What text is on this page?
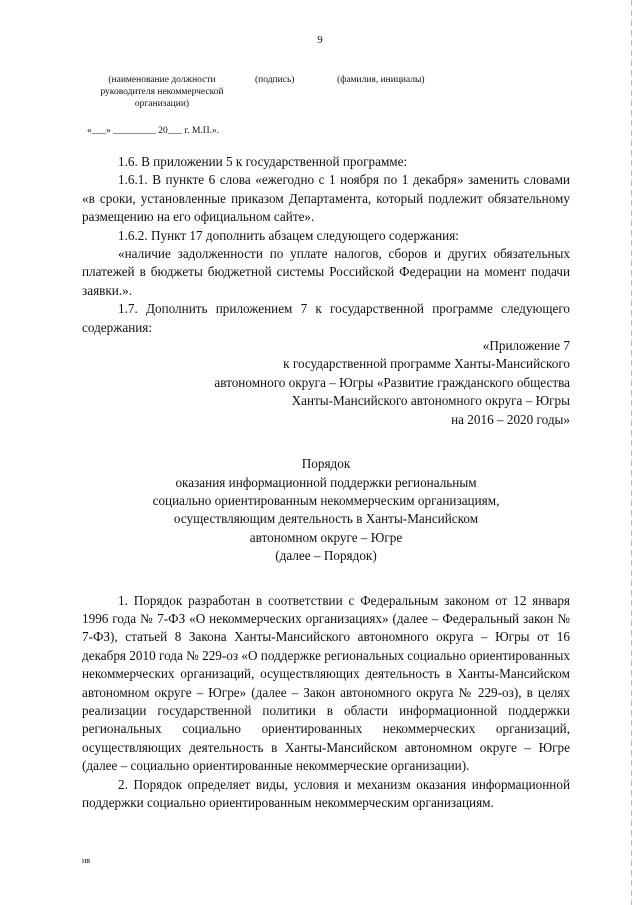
9
(наименование должности руководителя некоммерческой организации)
(подпись)	(фамилия, инициалы)
«___» _________ 20___ г. М.П.».

1.6. В приложении 5 к государственной программе:

1.6.1. В пункте 6 слова «ежегодно с 1 ноября по 1 декабря» заменить словами «в сроки, установленные приказом Департамента, который подлежит обязательному размещению на его официальном сайте».

1.6.2. Пункт 17 дополнить абзацем следующего содержания:

«наличие задолженности по уплате налогов, сборов и других обязательных платежей в бюджеты бюджетной системы Российской Федерации на момент подачи заявки.».

1.7. Дополнить приложением 7 к государственной программе следующего содержания:

«Приложение 7
к государственной программе Ханты-Мансийского
автономного округа – Югры «Развитие гражданского общества
Ханты-Мансийского автономного округа – Югры
на 2016 – 2020 годы»

Порядок
оказания информационной поддержки региональным
социально ориентированным некоммерческим организациям,
осуществляющим деятельность в Ханты-Мансийском
автономном округе – Югре
(далее – Порядок)

1. Порядок разработан в соответствии с Федеральным законом от 12 января 1996 года № 7-ФЗ «О некоммерческих организациях» (далее – Федеральный закон № 7-ФЗ), статьей 8 Закона Ханты-Мансийского автономного округа – Югры от 16 декабря 2010 года № 229-оз «О поддержке региональных социально ориентированных некоммерческих организаций, осуществляющих деятельность в Ханты-Мансийском автономном округе – Югре» (далее – Закон автономного округа № 229-оз), в целях реализации государственной политики в области информационной поддержки региональных социально ориентированных некоммерческих организаций, осуществляющих деятельность в Ханты-Мансийском автономном округе – Югре (далее – социально ориентированные некоммерческие организации).

2. Порядок определяет виды, условия и механизм оказания информационной поддержки социально ориентированным некоммерческим организациям.

нв
